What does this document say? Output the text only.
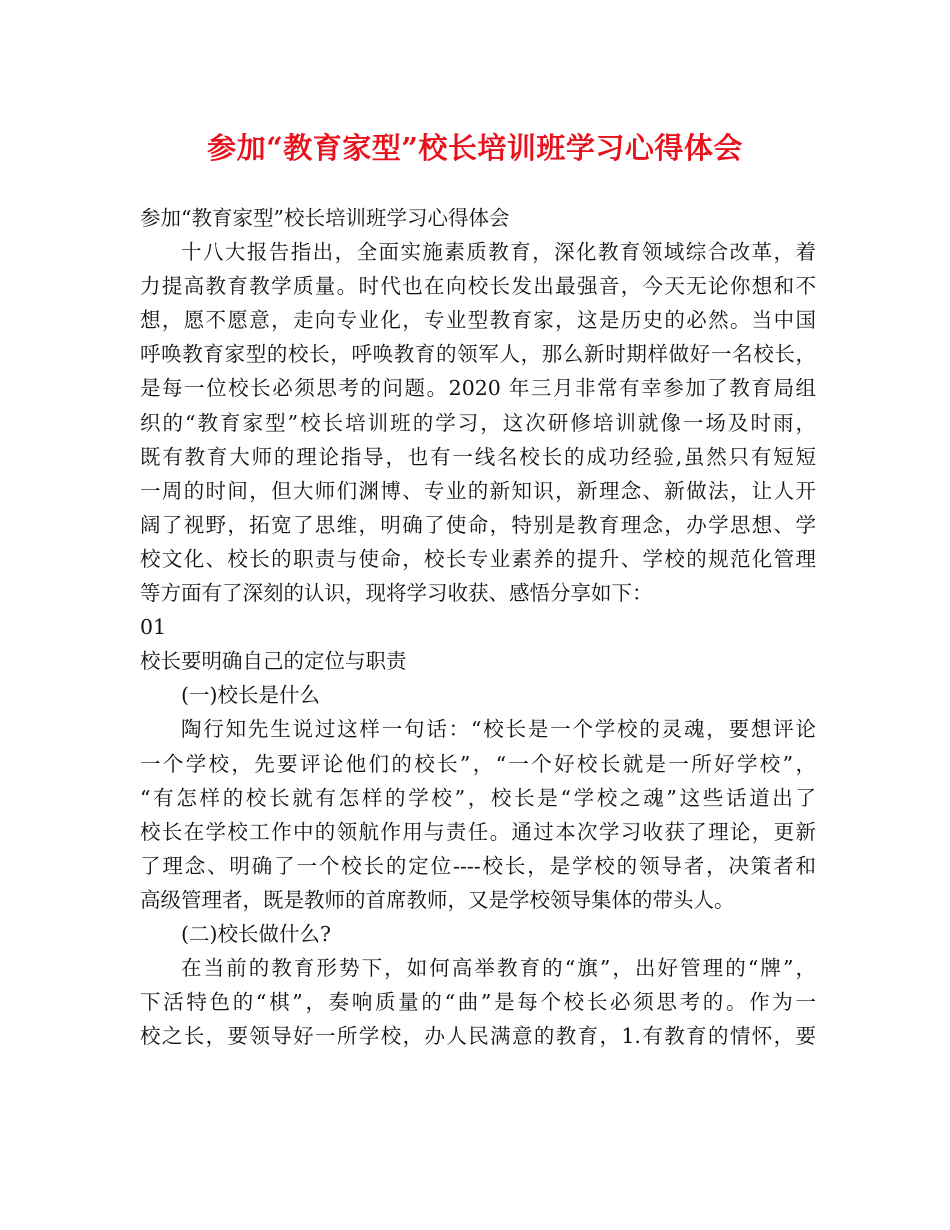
参加“教育家型”校长培训班学习心得体会
参加“教育家型”校长培训班学习心得体会
十八大报告指出，全面实施素质教育，深化教育领域综合改革，着
力提高教育教学质量。时代也在向校长发出最强音，今天无论你想和不
想，愿不愿意，走向专业化，专业型教育家，这是历史的必然。当中国
呼唤教育家型的校长，呼唤教育的领军人，那么新时期样做好一名校长，
是每一位校长必须思考的问题。2020 年三月非常有幸参加了教育局组
织的“教育家型”校长培训班的学习，这次研修培训就像一场及时雨，
既有教育大师的理论指导，也有一线名校长的成功经验,虽然只有短短
一周的时间，但大师们渊博、专业的新知识，新理念、新做法，让人开
阔了视野，拓宽了思维，明确了使命，特别是教育理念，办学思想、学
校文化、校长的职责与使命，校长专业素养的提升、学校的规范化管理
等方面有了深刻的认识，现将学习收获、感悟分享如下：
01
校长要明确自己的定位与职责
(一)校长是什么
陶行知先生说过这样一句话：“校长是一个学校的灵魂，要想评论
一个学校，先要评论他们的校长”，“一个好校长就是一所好学校”，
“有怎样的校长就有怎样的学校”，校长是“学校之魂”这些话道出了
校长在学校工作中的领航作用与责任。通过本次学习收获了理论，更新
了理念、明确了一个校长的定位----校长，是学校的领导者，决策者和
高级管理者，既是教师的首席教师，又是学校领导集体的带头人。
(二)校长做什么?
在当前的教育形势下，如何高举教育的“旗”，出好管理的“牌”，
下活特色的“棋”，奏响质量的“曲”是每个校长必须思考的。作为一
校之长，要领导好一所学校，办人民满意的教育，1.有教育的情怀，要
